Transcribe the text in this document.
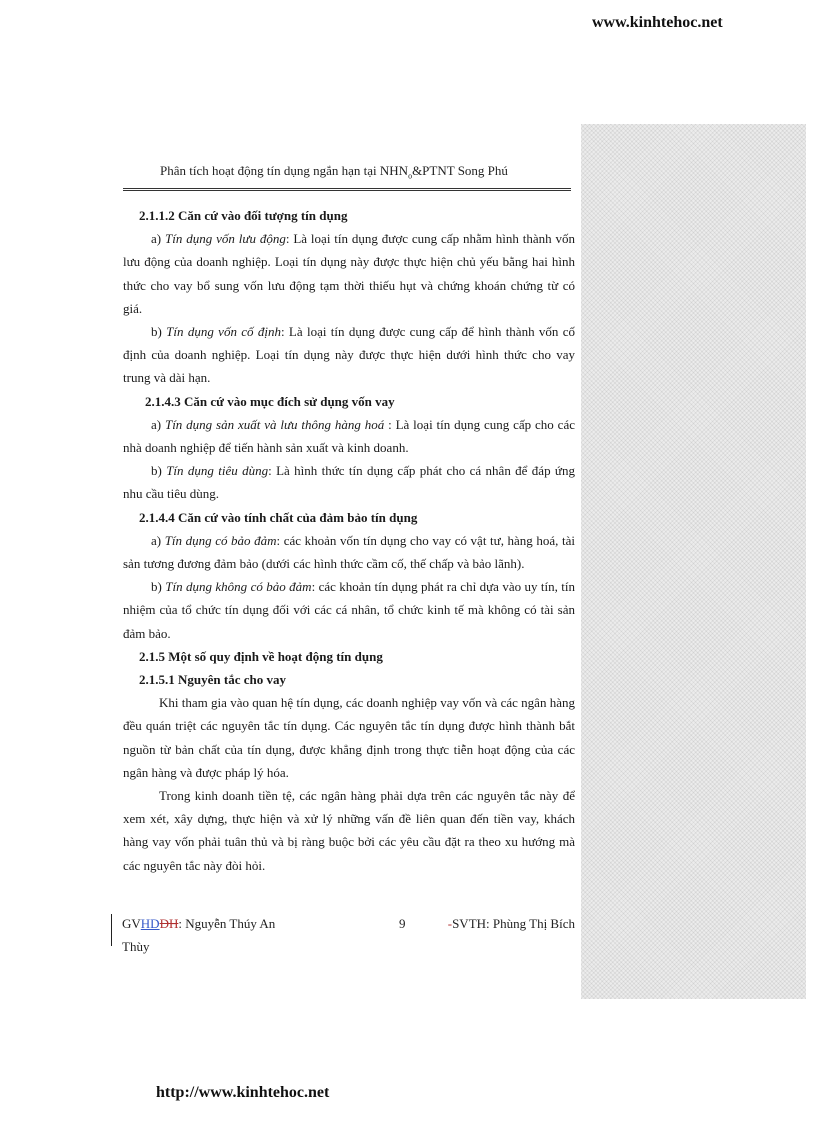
www.kinhtehoc.net
Phân tích hoạt động tín dụng ngắn hạn tại $NHN_o\&PTNT$ Song Phú

2.1.1.2 Căn cứ vào đối tượng tín dụng

a) Tín dụng vốn lưu động: Là loại tín dụng được cung cấp nhằm hình thành vốn lưu động của doanh nghiệp. Loại tín dụng này được thực hiện chủ yếu bằng hai hình thức cho vay bổ sung vốn lưu động tạm thời thiếu hụt và chứng khoán chứng từ có giá.

b) Tín dụng vốn cố định: Là loại tín dụng được cung cấp để hình thành vốn cố định của doanh nghiệp. Loại tín dụng này được thực hiện dưới hình thức cho vay trung và dài hạn.

2.1.4.3 Căn cứ vào mục đích sử dụng vốn vay

a) Tín dụng sản xuất và lưu thông hàng hoá : Là loại tín dụng cung cấp cho các nhà doanh nghiệp để tiến hành sản xuất và kinh doanh.

b) Tín dụng tiêu dùng: Là hình thức tín dụng cấp phát cho cá nhân để đáp ứng nhu cầu tiêu dùng.

2.1.4.4 Căn cứ vào tính chất của đảm bảo tín dụng

a) Tín dụng có bảo đảm: các khoản vốn tín dụng cho vay có vật tư, hàng hoá, tài sản tương đương đảm bảo (dưới các hình thức cầm cố, thế chấp và bảo lãnh).

b) Tín dụng không có bảo đảm: các khoản tín dụng phát ra chỉ dựa vào uy tín, tín nhiệm của tổ chức tín dụng đối với các cá nhân, tổ chức kinh tế mà không có tài sản đảm bảo.

2.1.5 Một số quy định về hoạt động tín dụng

2.1.5.1 Nguyên tắc cho vay

Khi tham gia vào quan hệ tín dụng, các doanh nghiệp vay vốn và các ngân hàng đều quán triệt các nguyên tắc tín dụng. Các nguyên tắc tín dụng được hình thành bắt nguồn từ bản chất của tín dụng, được khẳng định trong thực tiễn hoạt động của các ngân hàng và được pháp lý hóa.

Trong kinh doanh tiền tệ, các ngân hàng phải dựa trên các nguyên tắc này để xem xét, xây dựng, thực hiện và xử lý những vấn đề liên quan đến tiền vay, khách hàng vay vốn phải tuân thủ và bị ràng buộc bởi các yêu cầu đặt ra theo xu hướng mà các nguyên tắc này đòi hỏi.

GVHDDH: Nguyễn Thúy An	9	-SVTH: Phùng Thị Bích
Thùy
http://www.kinhtehoc.net
